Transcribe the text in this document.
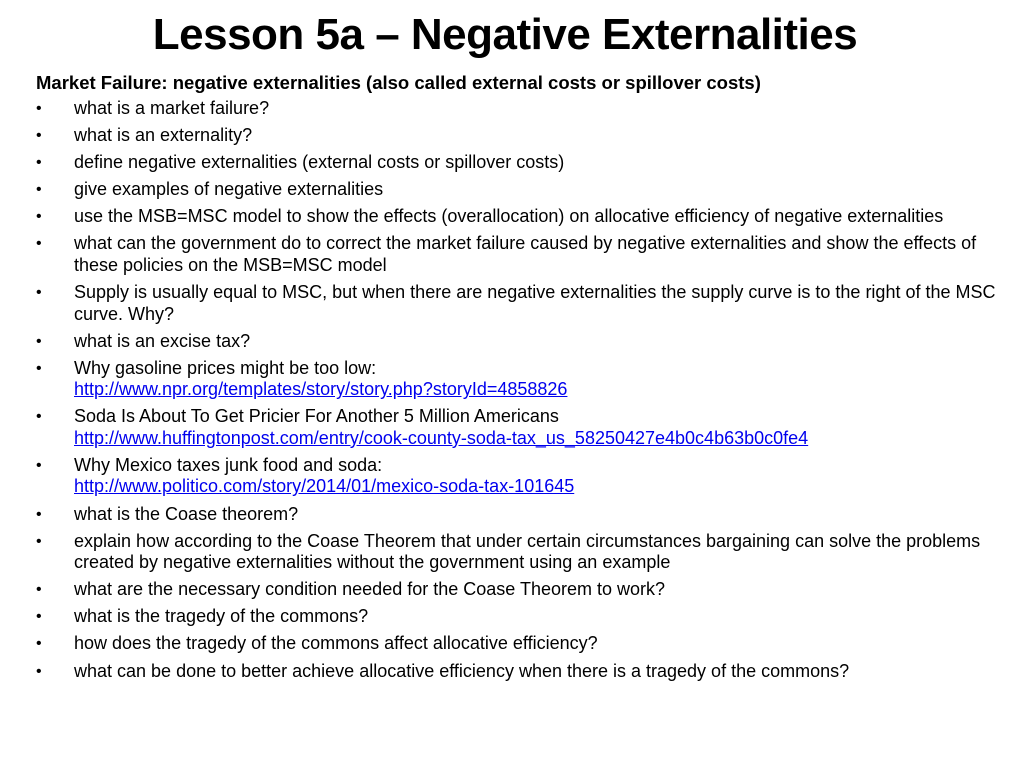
Lesson 5a – Negative Externalities
Market Failure: negative externalities (also called external costs or spillover costs)
• what is a market failure?
• what is an externality?
• define negative externalities (external costs or spillover costs)
• give examples of negative externalities
• use the MSB=MSC model to show the effects (overallocation) on allocative efficiency of negative externalities
• what can the government do to correct the market failure caused by negative externalities and show the effects of these policies on the MSB=MSC model
• Supply is usually equal to MSC, but when there are negative externalities the supply curve is to the right of the MSC curve. Why?
• what is an excise tax?
• Why gasoline prices might be too low:
http://www.npr.org/templates/story/story.php?storyId=4858826
• Soda Is About To Get Pricier For Another 5 Million Americans
http://www.huffingtonpost.com/entry/cook-county-soda-tax_us_58250427e4b0c4b63b0c0fe4
• Why Mexico taxes junk food and soda:
http://www.politico.com/story/2014/01/mexico-soda-tax-101645
• what is the Coase theorem?
• explain how according to the Coase Theorem that under certain circumstances bargaining can solve the problems created by negative externalities without the government using an example
• what are the necessary condition needed for the Coase Theorem to work?
• what is the tragedy of the commons?
• how does the tragedy of the commons affect allocative efficiency?
• what can be done to better achieve allocative efficiency when there is a tragedy of the commons?
